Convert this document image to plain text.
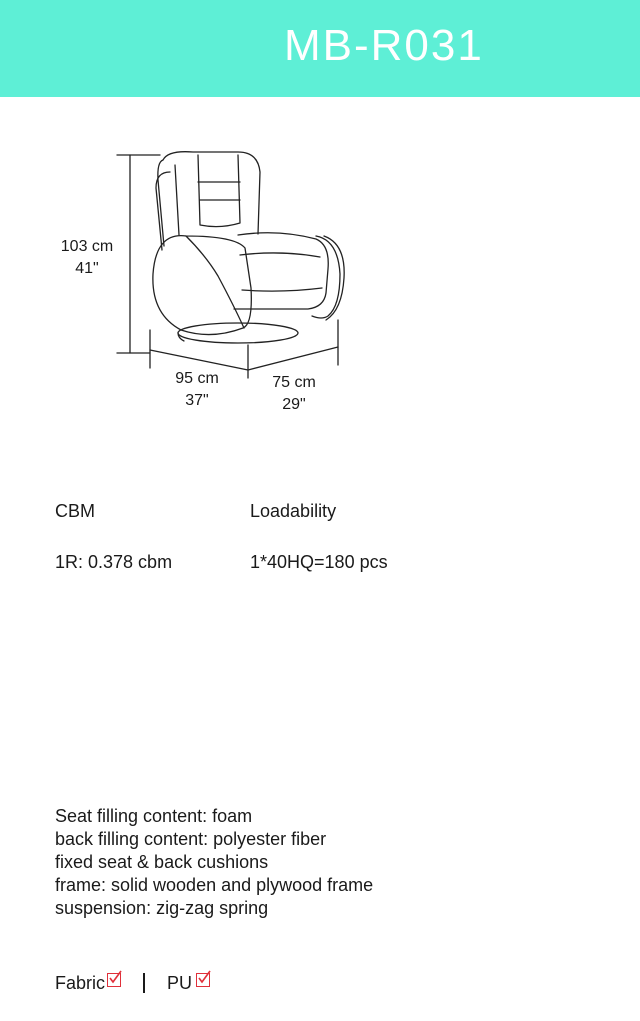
MB-R031
103 cm
41"
95 cm
37"
75 cm
29"
CBM	Loadability
1R: 0.378 cbm	1*40HQ=180 pcs
Seat filling content: foam
back filling content: polyester fiber
fixed seat & back cushions
frame: solid wooden and plywood frame
suspension: zig-zag spring
Fabric	PU
